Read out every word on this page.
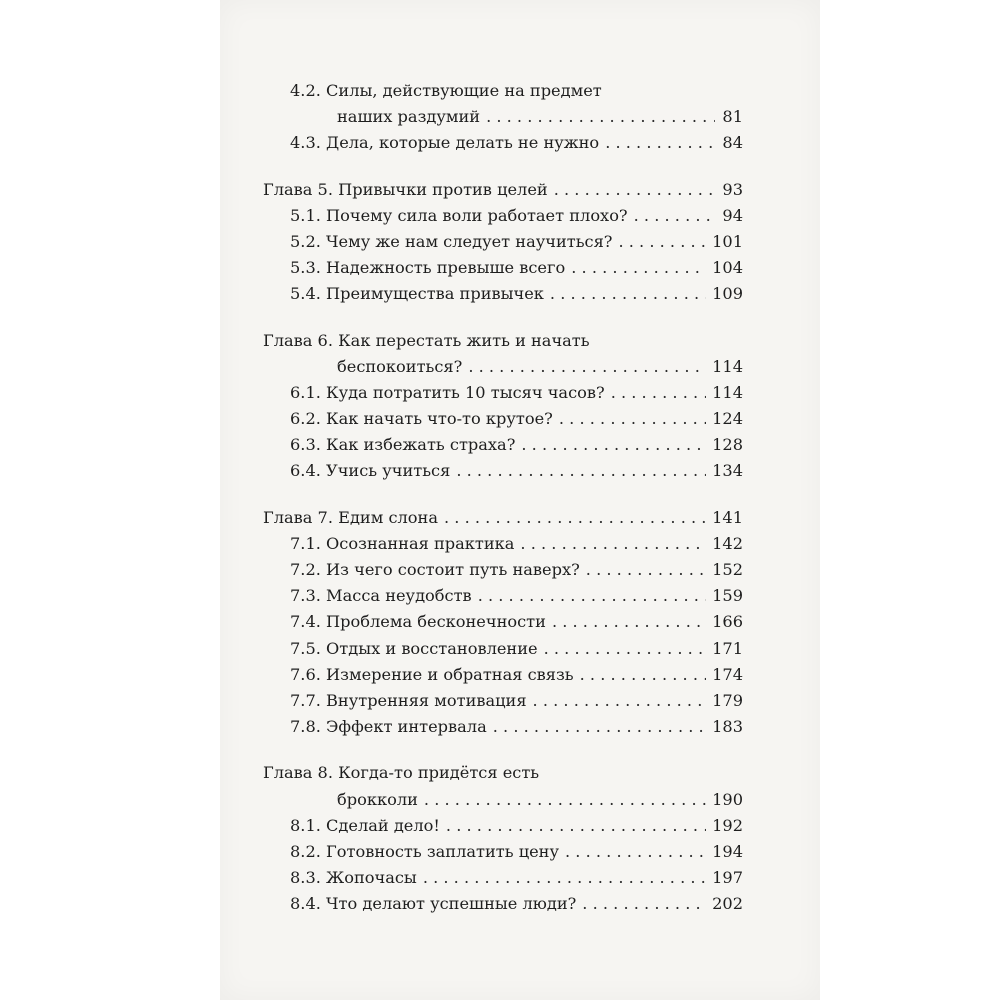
4.2. Силы, действующие на предмет
наших раздумий . . .	81
4.3. Дела, которые делать не нужно . . .	84
Глава 5. Привычки против целей . . .	93
5.1. Почему сила воли работает плохо? . . .	94
5.2. Чему же нам следует научиться? . . .	101
5.3. Надежность превыше всего . . .	104
5.4. Преимущества привычек . . .	109
Глава 6. Как перестать жить и начать
беспокоиться? . . .	114
6.1. Куда потратить 10 тысяч часов? . . .	114
6.2. Как начать что-то крутое? . . .	124
6.3. Как избежать страха? . . .	128
6.4. Учись учиться . . .	134
Глава 7. Едим слона . . .	141
7.1. Осознанная практика . . .	142
7.2. Из чего состоит путь наверх? . . .	152
7.3. Масса неудобств . . .	159
7.4. Проблема бесконечности . . .	166
7.5. Отдых и восстановление . . .	171
7.6. Измерение и обратная связь . . .	174
7.7. Внутренняя мотивация . . .	179
7.8. Эффект интервала . . .	183
Глава 8. Когда-то придётся есть
брокколи . . .	190
8.1. Сделай дело! . . .	192
8.2. Готовность заплатить цену . . .	194
8.3. Жопочасы . . .	197
8.4. Что делают успешные люди? . . .	202
